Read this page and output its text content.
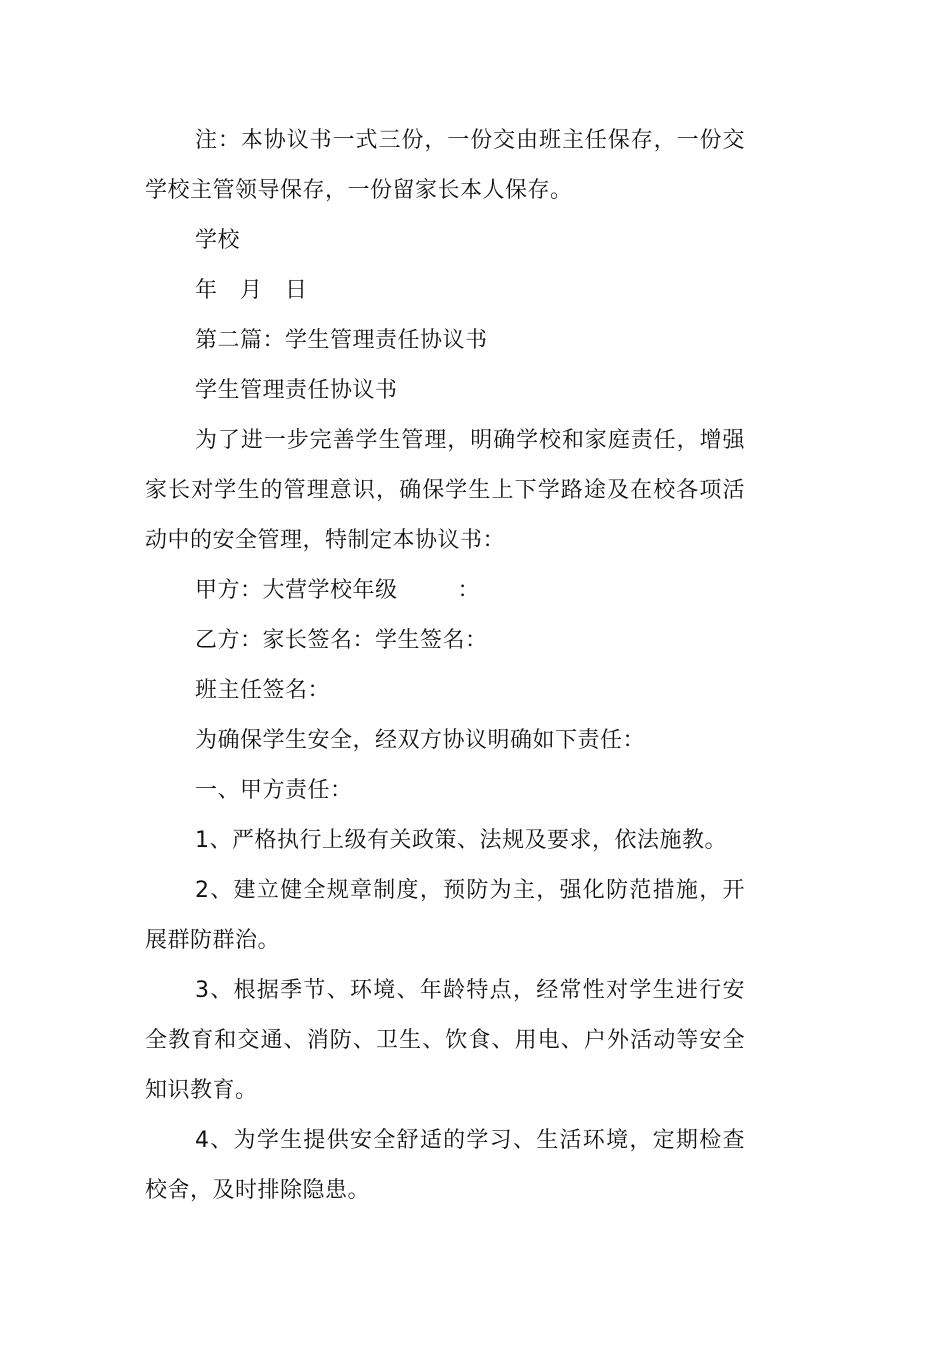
注：本协议书一式三份，一份交由班主任保存，一份交学校主管领导保存，一份留家长本人保存。

学校
年   月   日
第二篇：学生管理责任协议书
学生管理责任协议书

为了进一步完善学生管理，明确学校和家庭责任，增强家长对学生的管理意识，确保学生上下学路途及在校各项活动中的安全管理，特制定本协议书：

甲方：大营学校年级        ：
乙方：家长签名：学生签名：
班主任签名：
为确保学生安全，经双方协议明确如下责任：
一、甲方责任：

1、严格执行上级有关政策、法规及要求，依法施教。

2、建立健全规章制度，预防为主，强化防范措施，开展群防群治。

3、根据季节、环境、年龄特点，经常性对学生进行安全教育和交通、消防、卫生、饮食、用电、户外活动等安全知识教育。

4、为学生提供安全舒适的学习、生活环境，定期检查校舍，及时排除隐患。
